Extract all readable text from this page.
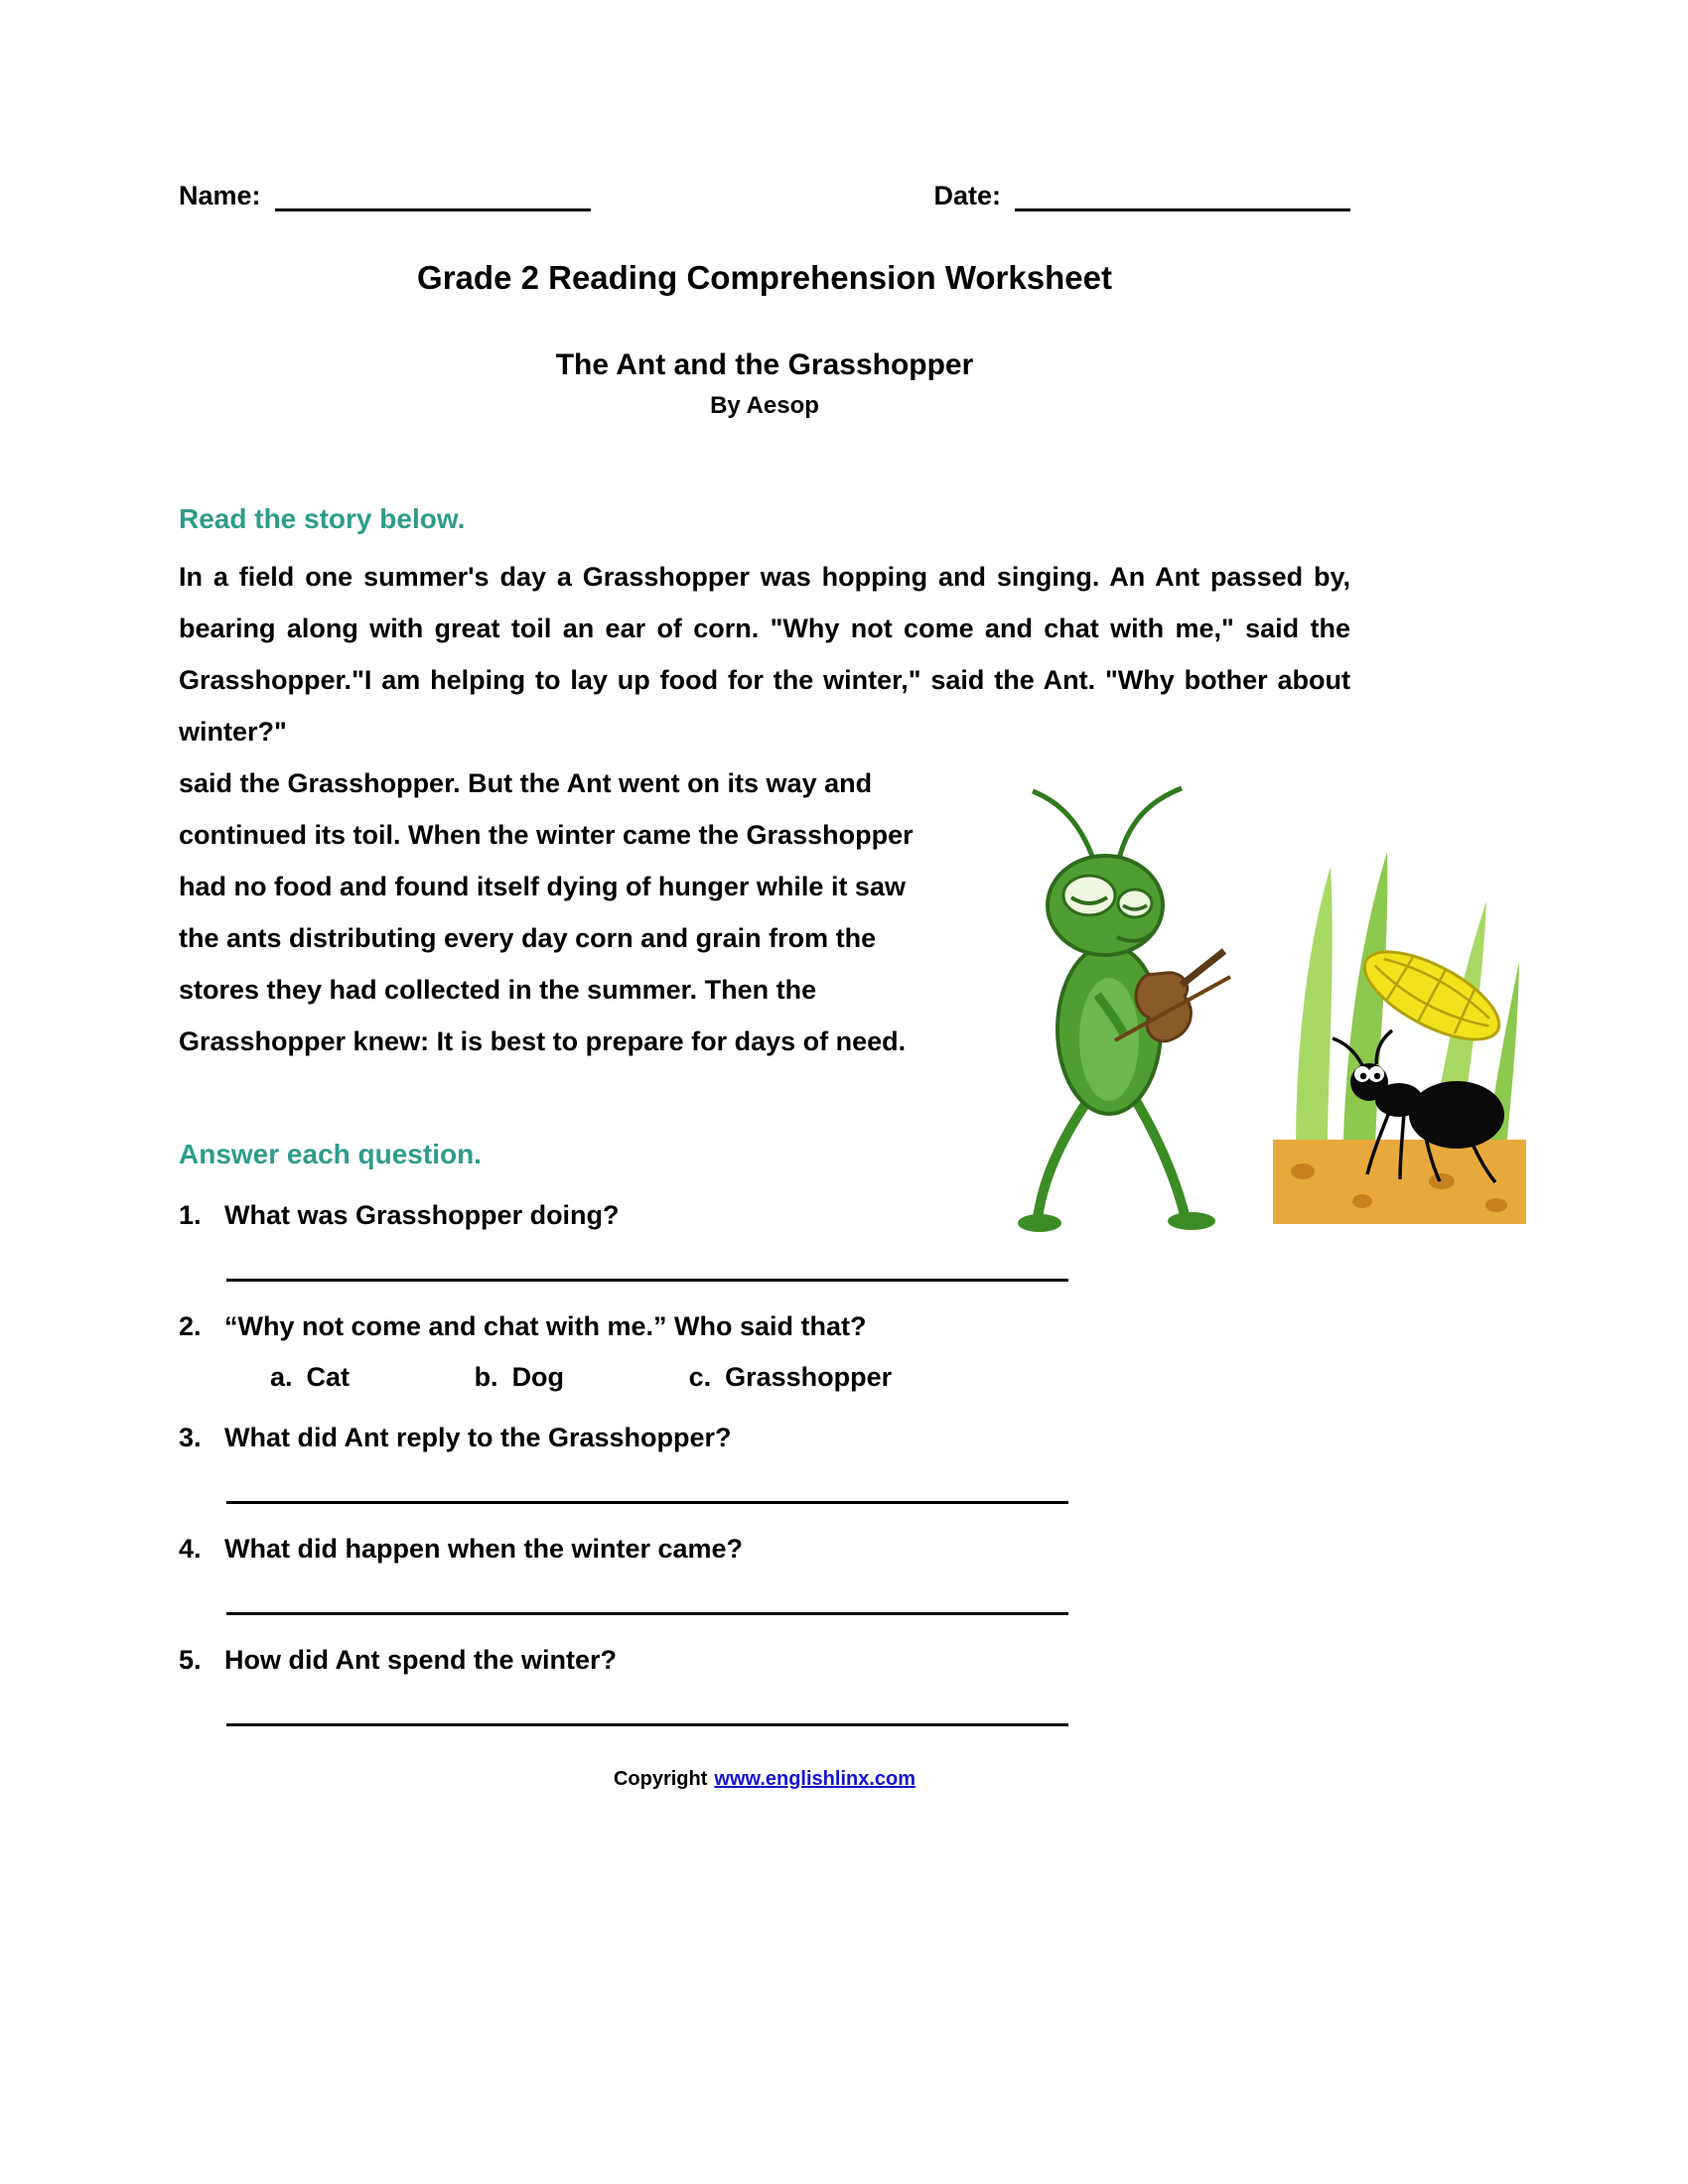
Name:	Date:
Grade 2 Reading Comprehension Worksheet
The Ant and the Grasshopper
By Aesop
Read the story below.

In a field one summer's day a Grasshopper was hopping and singing. An Ant passed by, bearing along with great toil an ear of corn. "Why not come and chat with me," said the Grasshopper."I am helping to lay up food for the winter," said the Ant. "Why bother about winter?"

said the Grasshopper. But the Ant went on its way and continued its toil. When the winter came the Grasshopper had no food and found itself dying of hunger while it saw the ants distributing every day corn and grain from the stores they had collected in the summer. Then the Grasshopper knew: It is best to prepare for days of need.

Answer each question.
1. What was Grasshopper doing?
2. “Why not come and chat with me.” Who said that?
a. Cat	b. Dog	c. Grasshopper
3. What did Ant reply to the Grasshopper?
4. What did happen when the winter came?
5. How did Ant spend the winter?
Copyright www.englishlinx.com
